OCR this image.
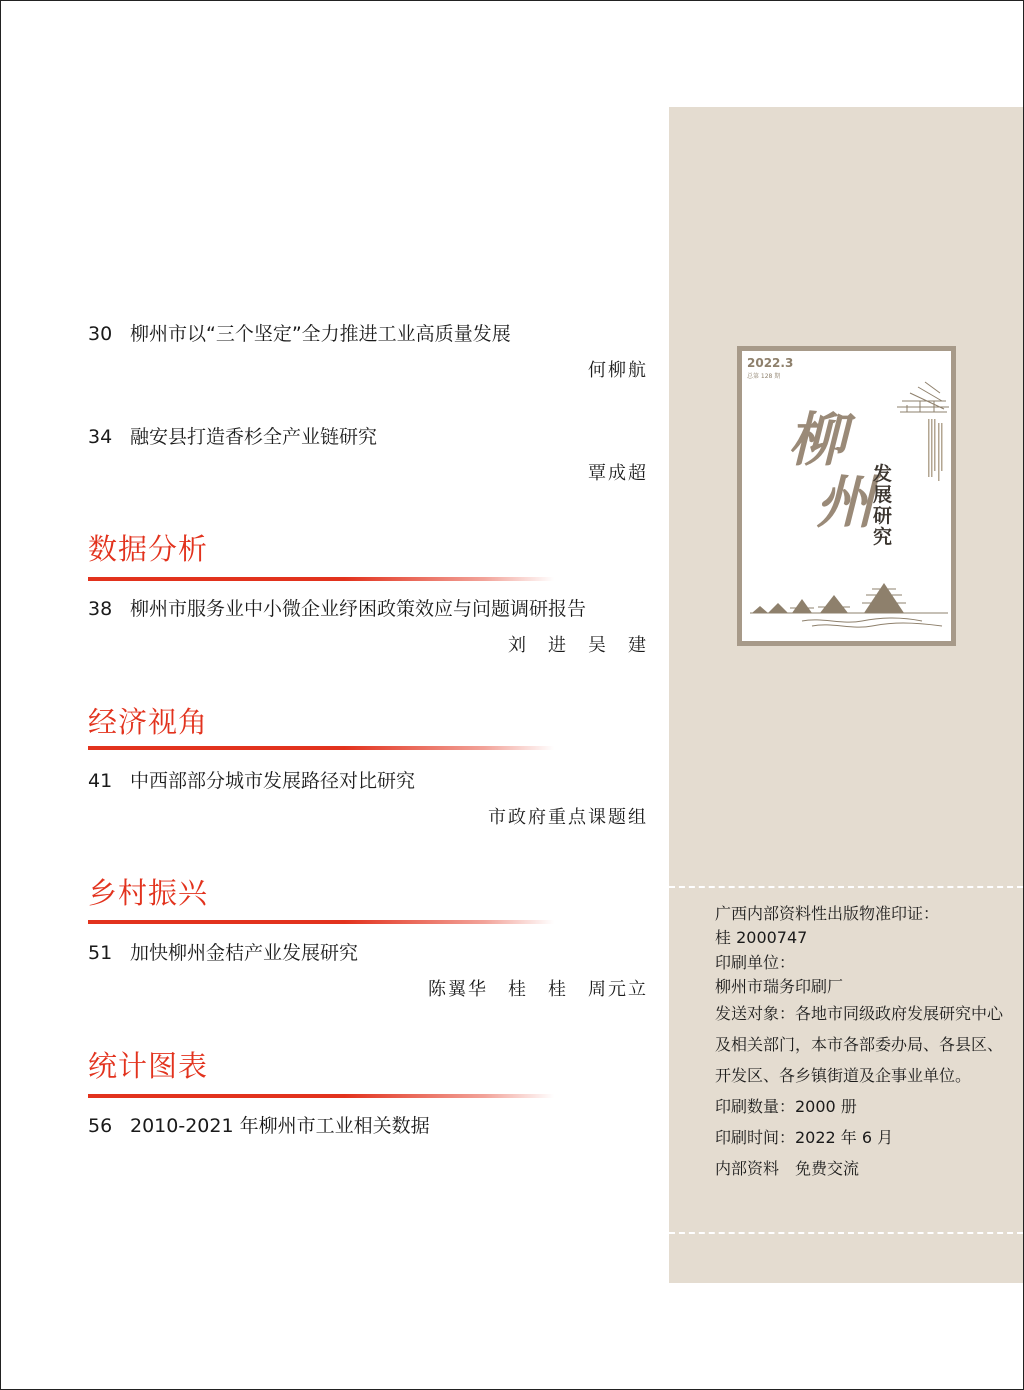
30 柳州市以“三个坚定”全力推进工业高质量发展
何柳航
34 融安县打造香杉全产业链研究
覃成超
数据分析
38 柳州市服务业中小微企业纾困政策效应与问题调研报告
刘　进　吴　建
经济视角
41 中西部部分城市发展路径对比研究
市政府重点课题组
乡村振兴
51 加快柳州金桔产业发展研究
陈翼华　桂　桂　周元立
统计图表
56 2010-2021 年柳州市工业相关数据
2022.3
总第 128 期
柳
州
发展研究
广西内部资料性出版物准印证：
桂 2000747
印刷单位：
柳州市瑞务印刷厂
发送对象：各地市同级政府发展研究中心及相关部门，本市各部委办局、各县区、开发区、各乡镇街道及企事业单位。
印刷数量：2000 册
印刷时间：2022 年 6 月
内部资料　免费交流
